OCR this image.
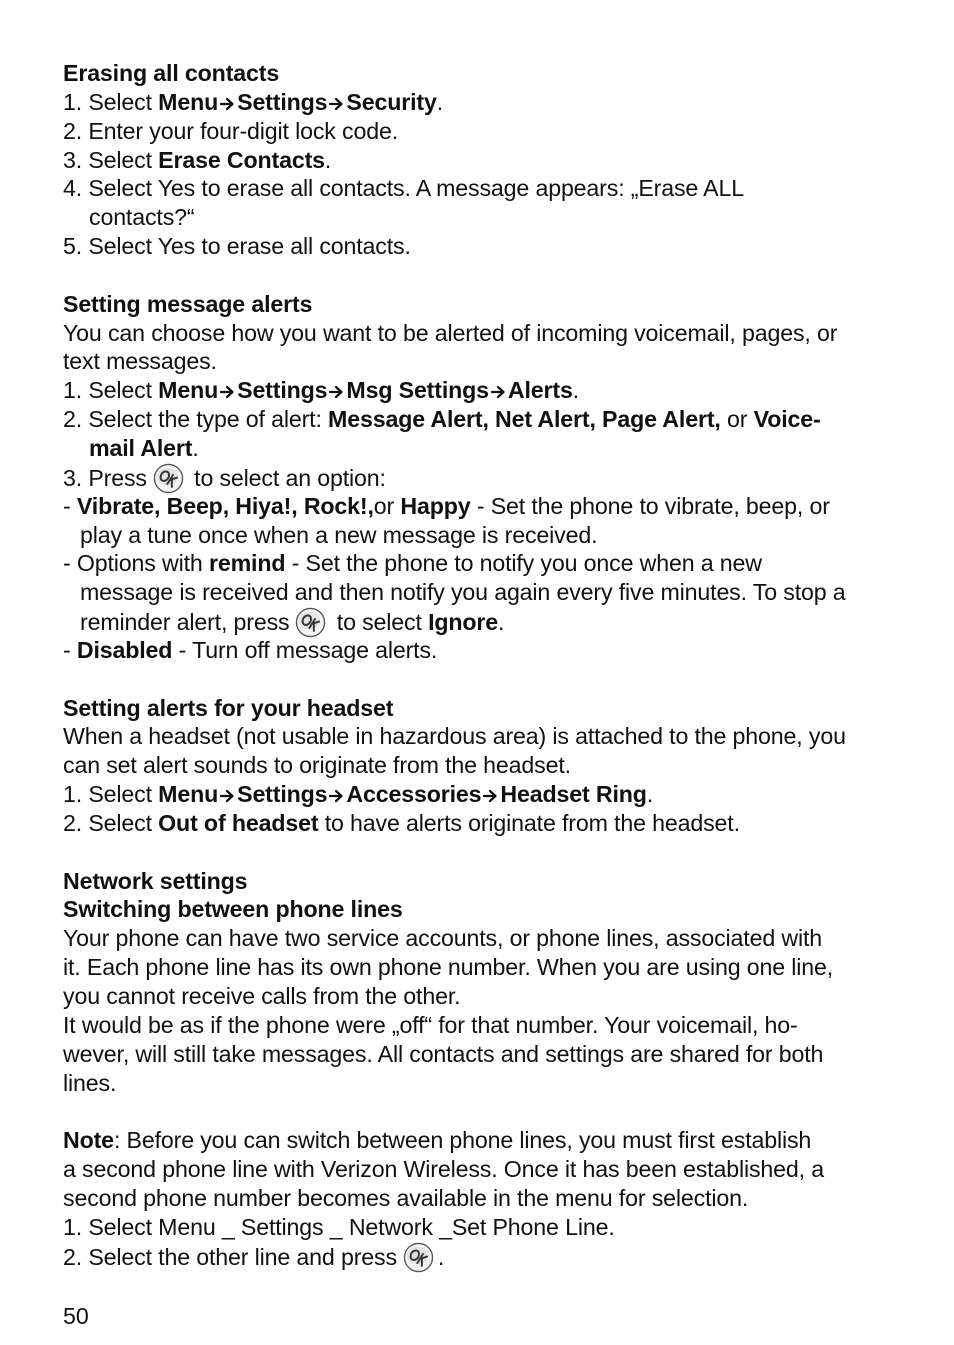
Erasing all contacts
1. Select Menu Settings Security.
2. Enter your four-digit lock code.
3. Select Erase Contacts.
4. Select Yes to erase all contacts. A message appears: „Erase ALL
contacts?“
5. Select Yes to erase all contacts.
Setting message alerts
You can choose how you want to be alerted of incoming voicemail, pages, or
text messages.
1. Select Menu Settings Msg Settings Alerts.
2. Select the type of alert: Message Alert, Net Alert, Page Alert, or Voice-
mail Alert.
3. Press to select an option:
- Vibrate, Beep, Hiya!, Rock!,or Happy - Set the phone to vibrate, beep, or
play a tune once when a new message is received.
- Options with remind - Set the phone to notify you once when a new
message is received and then notify you again every five minutes. To stop a
reminder alert, press to select Ignore.
- Disabled - Turn off message alerts.
Setting alerts for your headset
When a headset (not usable in hazardous area) is attached to the phone, you
can set alert sounds to originate from the headset.
1. Select Menu Settings Accessories Headset Ring.
2. Select Out of headset to have alerts originate from the headset.
Network settings
Switching between phone lines
Your phone can have two service accounts, or phone lines, associated with
it. Each phone line has its own phone number. When you are using one line,
you cannot receive calls from the other.
It would be as if the phone were „off“ for that number. Your voicemail, ho-
wever, will still take messages. All contacts and settings are shared for both
lines.
Note: Before you can switch between phone lines, you must first establish
a second phone line with Verizon Wireless. Once it has been established, a
second phone number becomes available in the menu for selection.
1. Select Menu _ Settings _ Network _Set Phone Line.
2. Select the other line and press .
50
